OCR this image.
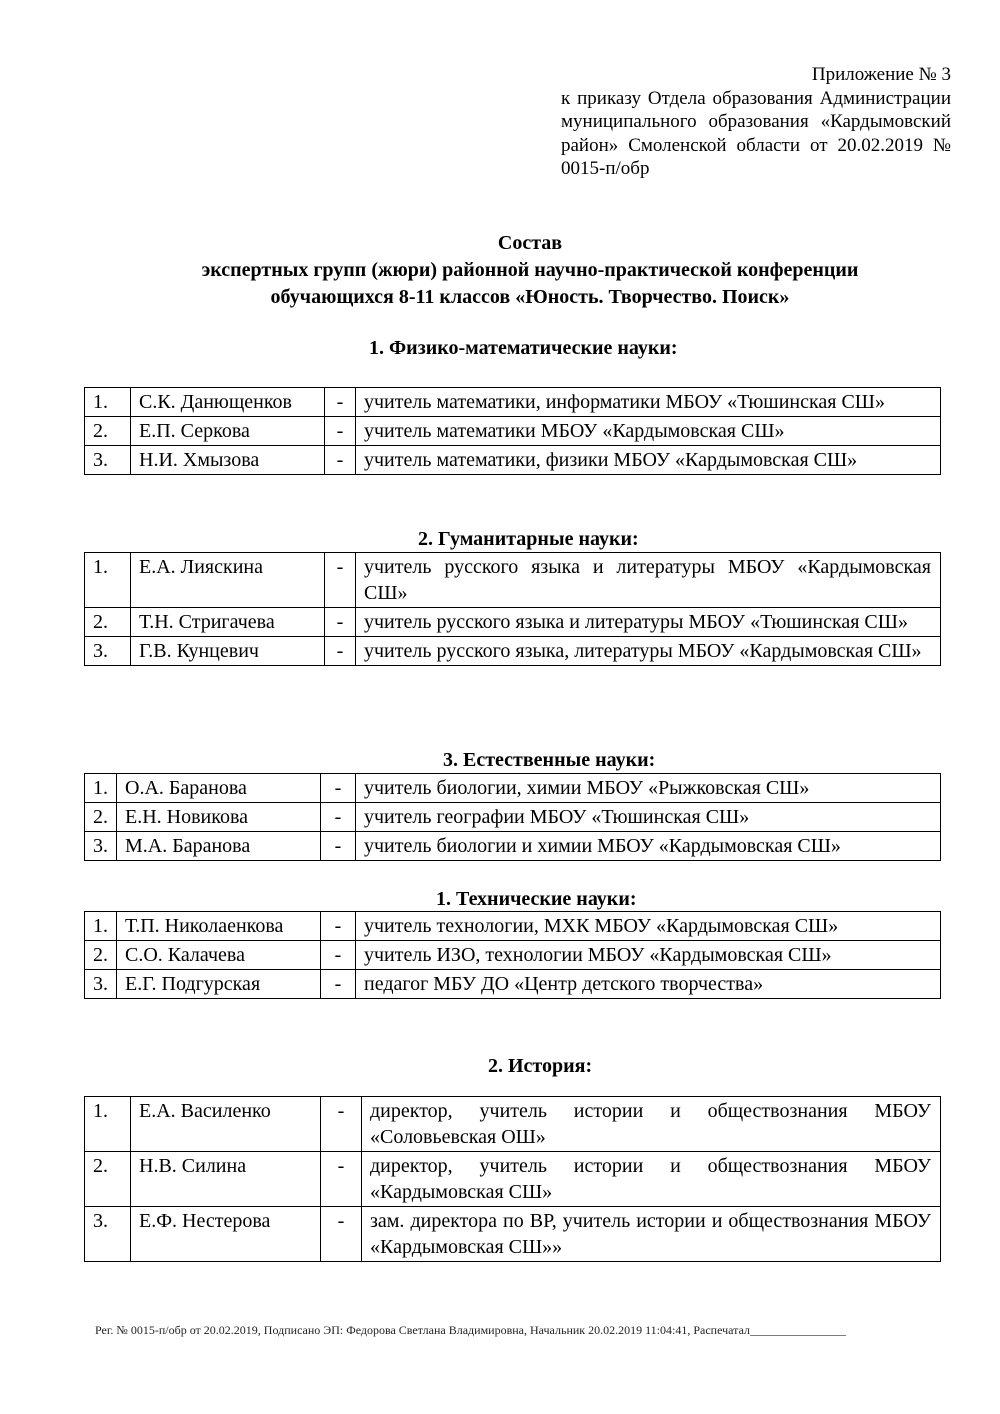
Приложение № 3
к приказу Отдела образования Администрации муниципального образования «Кардымовский район» Смоленской области от 20.02.2019 № 0015-п/обр
Состав
экспертных групп (жюри) районной научно-практической конференции
обучающихся 8-11 классов «Юность. Творчество. Поиск»
1. Физико-математические науки:
1.	С.К. Данющенков	-	учитель математики, информатики МБОУ «Тюшинская СШ»
2.	Е.П. Серкова	-	учитель математики МБОУ «Кардымовская СШ»
3.	Н.И. Хмызова	-	учитель математики, физики МБОУ «Кардымовская СШ»
2. Гуманитарные науки:
1.	Е.А. Лияскина	-	учитель русского языка и литературы МБОУ «Кардымовская СШ»
2.	Т.Н. Стригачева	-	учитель русского языка и литературы МБОУ «Тюшинская СШ»
3.	Г.В. Кунцевич	-	учитель русского языка, литературы МБОУ «Кардымовская СШ»
3. Естественные науки:
1.	О.А. Баранова	-	учитель биологии, химии МБОУ «Рыжковская СШ»
2.	Е.Н. Новикова	-	учитель географии МБОУ «Тюшинская СШ»
3.	М.А. Баранова	-	учитель биологии и химии МБОУ «Кардымовская СШ»
1. Технические науки:
1.	Т.П. Николаенкова	-	учитель технологии, МХК МБОУ «Кардымовская СШ»
2.	С.О. Калачева	-	учитель ИЗО, технологии МБОУ «Кардымовская СШ»
3.	Е.Г. Подгурская	-	педагог МБУ ДО «Центр детского творчества»
2. История:
1.	Е.А. Василенко	-	директор, учитель истории и обществознания МБОУ «Соловьевская ОШ»
2.	Н.В. Силина	-	директор, учитель истории и обществознания МБОУ «Кардымовская СШ»
3.	Е.Ф. Нестерова	-	зам. директора по ВР, учитель истории и обществознания МБОУ «Кардымовская СШ»»
Рег. № 0015-п/обр от 20.02.2019, Подписано ЭП: Федорова Светлана Владимировна, Начальник 20.02.2019 11:04:41, Распечатал________________
